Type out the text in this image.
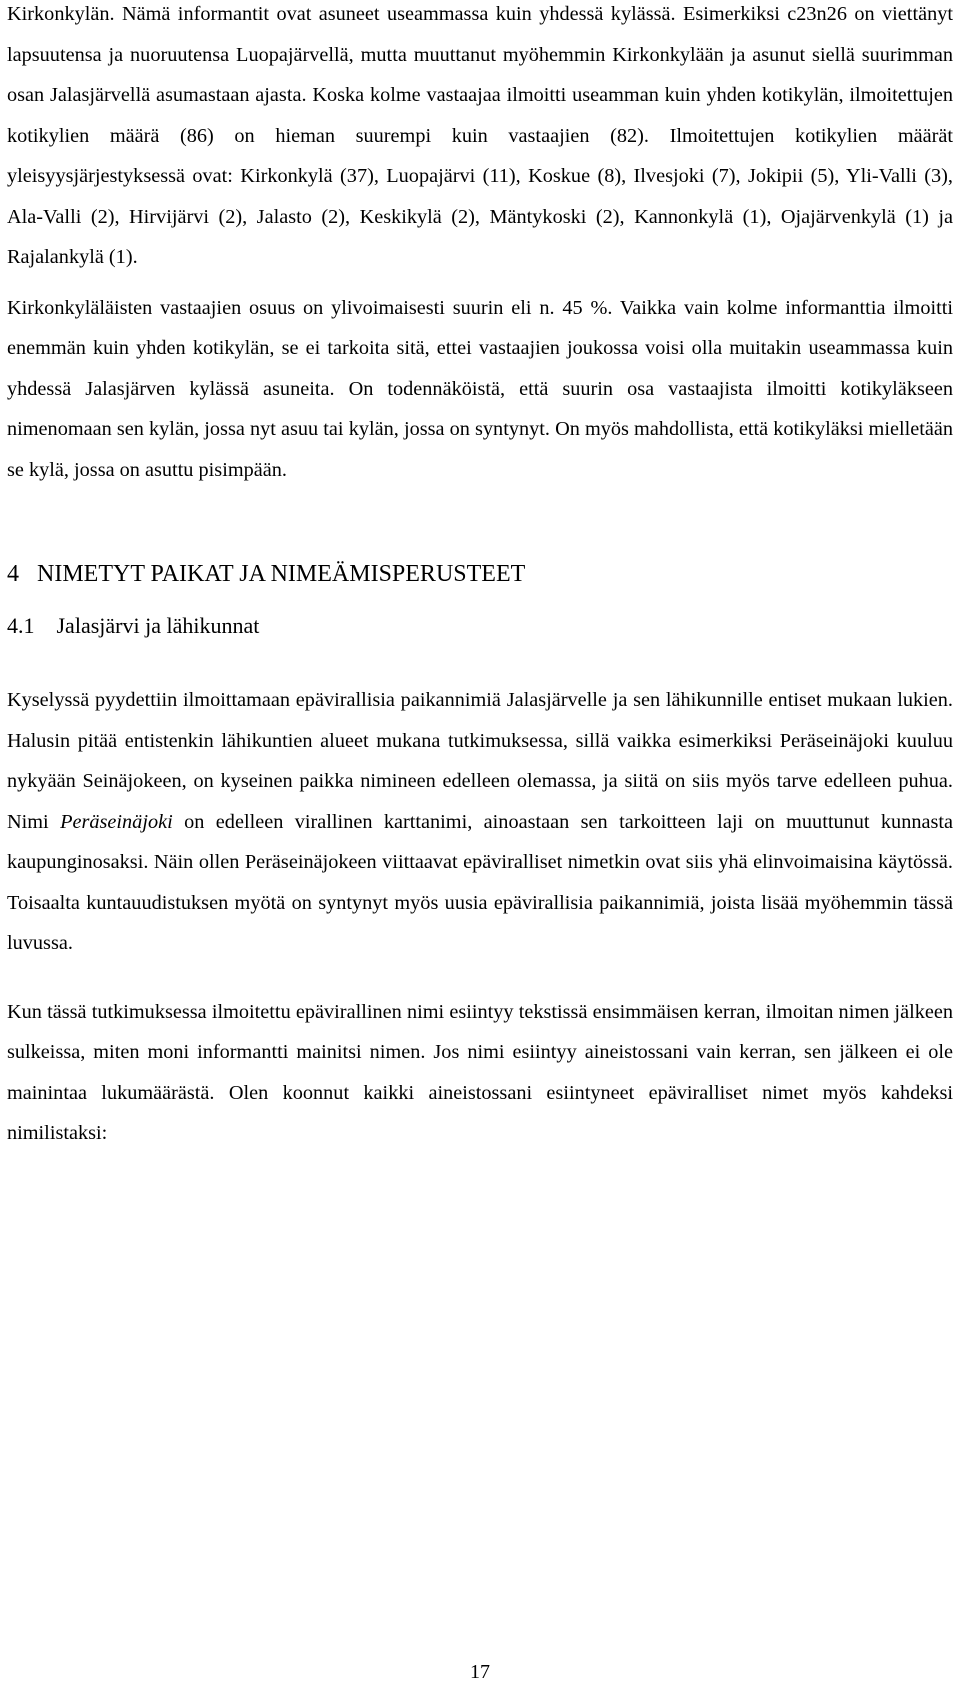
Kirkonkylän. Nämä informantit ovat asuneet useammassa kuin yhdessä kylässä. Esimerkiksi c23n26 on viettänyt lapsuutensa ja nuoruutensa Luopajärvellä, mutta muuttanut myöhemmin Kirkonkylään ja asunut siellä suurimman osan Jalasjärvellä asumastaan ajasta. Koska kolme vastaajaa ilmoitti useamman kuin yhden kotikylän, ilmoitettujen kotikylien määrä (86) on hieman suurempi kuin vastaajien (82). Ilmoitettujen kotikylien määrät yleisyysjärjestyksessä ovat: Kirkonkylä (37), Luopajärvi (11), Koskue (8), Ilvesjoki (7), Jokipii (5), Yli-Valli (3), Ala-Valli (2), Hirvijärvi (2), Jalasto (2), Keskikylä (2), Mäntykoski (2), Kannonkylä (1), Ojajärvenkylä (1) ja Rajalankylä (1).

Kirkonkyläläisten vastaajien osuus on ylivoimaisesti suurin eli n. 45 %. Vaikka vain kolme informanttia ilmoitti enemmän kuin yhden kotikylän, se ei tarkoita sitä, ettei vastaajien joukossa voisi olla muitakin useammassa kuin yhdessä Jalasjärven kylässä asuneita. On todennäköistä, että suurin osa vastaajista ilmoitti kotikyläkseen nimenomaan sen kylän, jossa nyt asuu tai kylän, jossa on syntynyt. On myös mahdollista, että kotikyläksi mielletään se kylä, jossa on asuttu pisimpään.

4 NIMETYT PAIKAT JA NIMEÄMISPERUSTEET
4.1 Jalasjärvi ja lähikunnat

Kyselyssä pyydettiin ilmoittamaan epävirallisia paikannimiä Jalasjärvelle ja sen lähikunnille entiset mukaan lukien. Halusin pitää entistenkin lähikuntien alueet mukana tutkimuksessa, sillä vaikka esimerkiksi Peräseinäjoki kuuluu nykyään Seinäjokeen, on kyseinen paikka nimineen edelleen olemassa, ja siitä on siis myös tarve edelleen puhua. Nimi Peräseinäjoki on edelleen virallinen karttanimi, ainoastaan sen tarkoitteen laji on muuttunut kunnasta kaupunginosaksi. Näin ollen Peräseinäjokeen viittaavat epäviralliset nimetkin ovat siis yhä elinvoimaisina käytössä. Toisaalta kuntauudistuksen myötä on syntynyt myös uusia epävirallisia paikannimiä, joista lisää myöhemmin tässä luvussa.

Kun tässä tutkimuksessa ilmoitettu epävirallinen nimi esiintyy tekstissä ensimmäisen kerran, ilmoitan nimen jälkeen sulkeissa, miten moni informantti mainitsi nimen. Jos nimi esiintyy aineistossani vain kerran, sen jälkeen ei ole mainintaa lukumäärästä. Olen koonnut kaikki aineistossani esiintyneet epäviralliset nimet myös kahdeksi nimilistaksi:

17
